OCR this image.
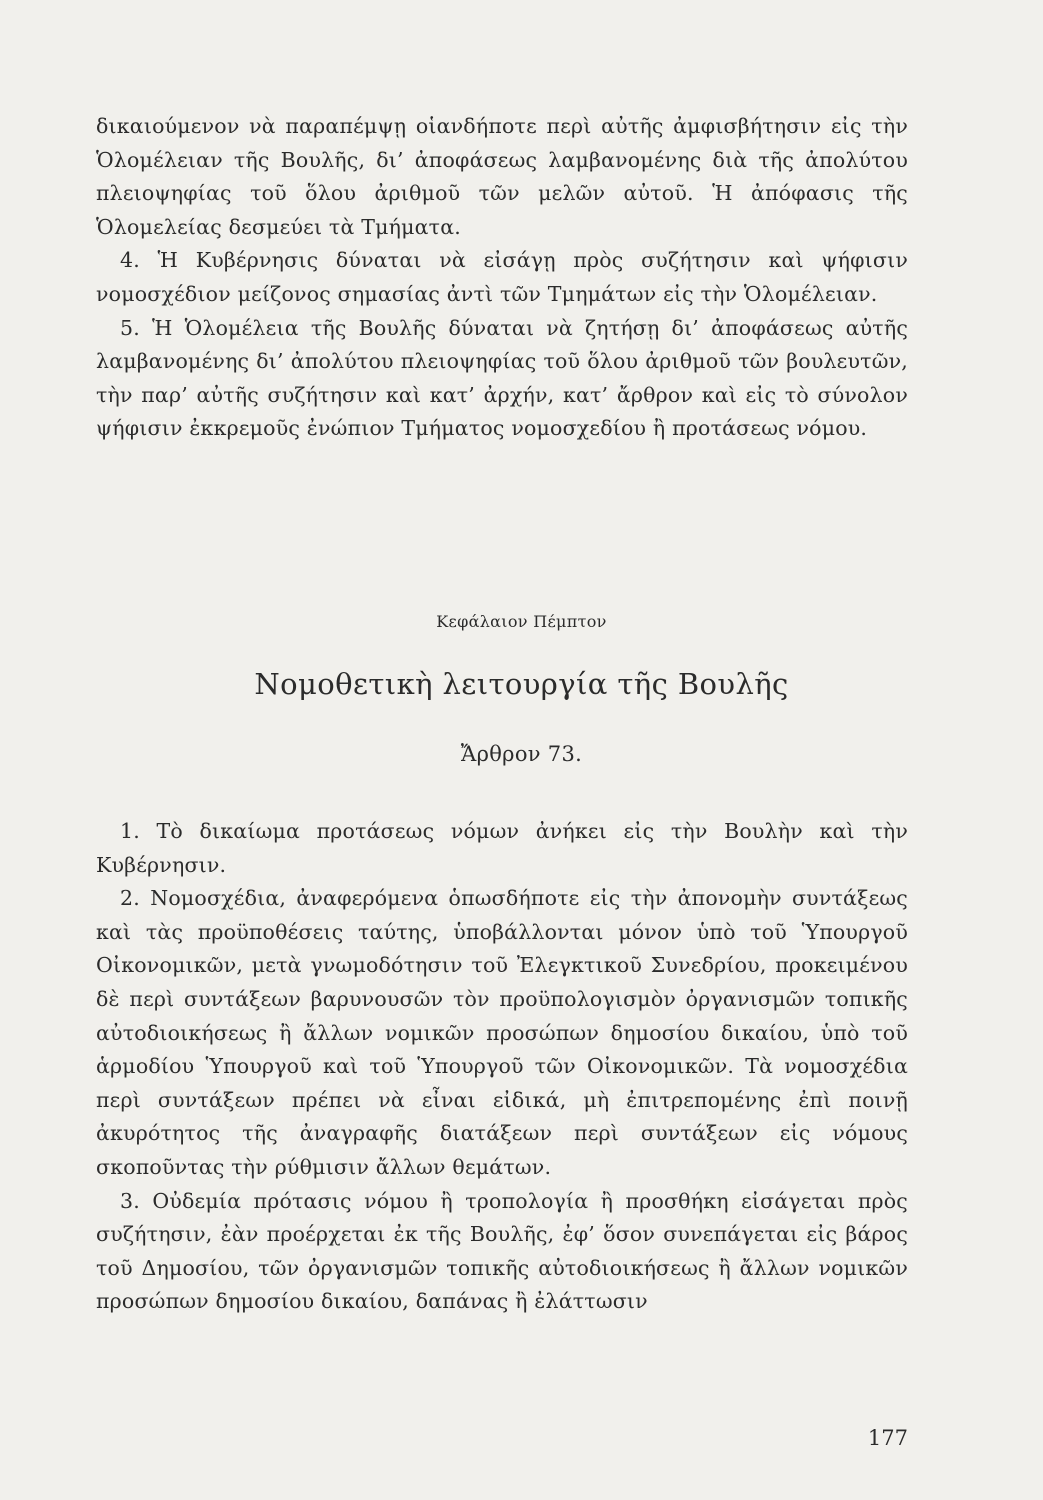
δικαιούμενον νὰ παραπέμψῃ οἱανδήποτε περὶ αὐτῆς ἀμφισβήτησιν εἰς τὴν Ὁλομέλειαν τῆς Βουλῆς, δι’ ἀποφάσεως λαμβανομένης διὰ τῆς ἀπολύτου πλειοψηφίας τοῦ ὅλου ἀριθμοῦ τῶν μελῶν αὐτοῦ. Ἡ ἀπόφασις τῆς Ὁλομελείας δεσμεύει τὰ Τμήματα.

4. Ἡ Κυβέρνησις δύναται νὰ εἰσάγῃ πρὸς συζήτησιν καὶ ψήφισιν νομοσχέδιον μείζονος σημασίας ἀντὶ τῶν Τμημάτων εἰς τὴν Ὁλομέλειαν.

5. Ἡ Ὁλομέλεια τῆς Βουλῆς δύναται νὰ ζητήσῃ δι’ ἀποφάσεως αὐτῆς λαμβανομένης δι’ ἀπολύτου πλειοψηφίας τοῦ ὅλου ἀριθμοῦ τῶν βουλευτῶν, τὴν παρ’ αὐτῆς συζήτησιν καὶ κατ’ ἀρχήν, κατ’ ἄρθρον καὶ εἰς τὸ σύνολον ψήφισιν ἐκκρεμοῦς ἐνώπιον Τμήματος νομοσχεδίου ἢ προτάσεως νόμου.

Κεφάλαιον Πέμπτον
Νομοθετικὴ λειτουργία τῆς Βουλῆς
Ἄρθρον 73.

1. Τὸ δικαίωμα προτάσεως νόμων ἀνήκει εἰς τὴν Βουλὴν καὶ τὴν Κυβέρνησιν.

2. Νομοσχέδια, ἀναφερόμενα ὁπωσδήποτε εἰς τὴν ἀπονομὴν συντάξεως καὶ τὰς προϋποθέσεις ταύτης, ὑποβάλλονται μόνον ὑπὸ τοῦ Ὑπουργοῦ Οἰκονομικῶν, μετὰ γνωμοδότησιν τοῦ Ἐλεγκτικοῦ Συνεδρίου, προκειμένου δὲ περὶ συντάξεων βαρυνουσῶν τὸν προϋπολογισμὸν ὀργανισμῶν τοπικῆς αὐτοδιοικήσεως ἢ ἄλλων νομικῶν προσώπων δημοσίου δικαίου, ὑπὸ τοῦ ἁρμοδίου Ὑπουργοῦ καὶ τοῦ Ὑπουργοῦ τῶν Οἰκονομικῶν. Τὰ νομοσχέδια περὶ συντάξεων πρέπει νὰ εἶναι εἰδικά, μὴ ἐπιτρεπομένης ἐπὶ ποινῇ ἀκυρότητος τῆς ἀναγραφῆς διατάξεων περὶ συντάξεων εἰς νόμους σκοποῦντας τὴν ρύθμισιν ἄλλων θεμάτων.

3. Οὐδεμία πρότασις νόμου ἢ τροπολογία ἢ προσθήκη εἰσάγεται πρὸς συζήτησιν, ἐὰν προέρχεται ἐκ τῆς Βουλῆς, ἐφ’ ὅσον συνεπάγεται εἰς βάρος τοῦ Δημοσίου, τῶν ὀργανισμῶν τοπικῆς αὐτοδιοικήσεως ἢ ἄλλων νομικῶν προσώπων δημοσίου δικαίου, δαπάνας ἢ ἐλάττωσιν

177
